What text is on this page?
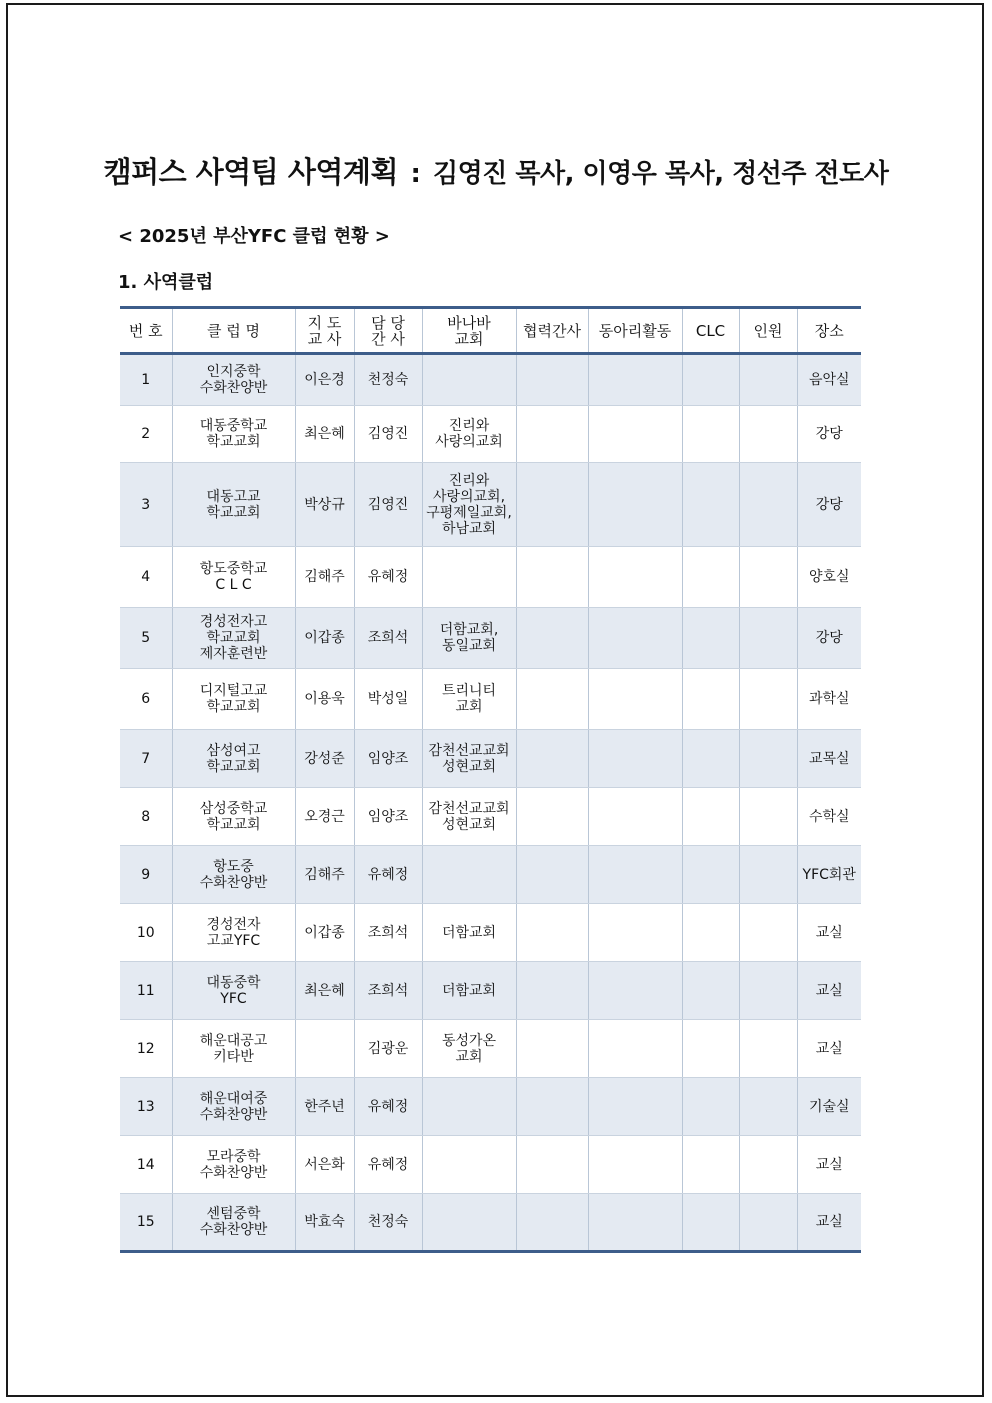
캠퍼스 사역팀 사역계획 : 김영진 목사, 이영우 목사, 정선주 전도사
< 2025년 부산YFC 클럽 현황 >
1. 사역클럽
번 호	클 럽 명	지 도
교 사	담 당
간 사	바나바
교회	협력간사	동아리활동	CLC	인원	장소
1	인지중학
수화찬양반	이은경	천정숙						음악실
2	대동중학교
학교교회	최은혜	김영진	진리와
사랑의교회					강당
3	대동고교
학교교회	박상규	김영진	진리와
사랑의교회,
구평제일교회,
하남교회					강당
4	항도중학교
C L C	김해주	유혜정						양호실
5	경성전자고
학교교회
제자훈련반	이갑종	조희석	더함교회,
동일교회					강당
6	디지털고교
학교교회	이용욱	박성일	트리니티
교회					과학실
7	삼성여고
학교교회	강성준	임양조	감천선교교회
성현교회					교목실
8	삼성중학교
학교교회	오경근	임양조	감천선교교회
성현교회					수학실
9	항도중
수화찬양반	김해주	유혜정						YFC회관
10	경성전자
고교YFC	이갑종	조희석	더함교회					교실
11	대동중학
YFC	최은혜	조희석	더함교회					교실
12	해운대공고
키타반		김광운	동성가온
교회					교실
13	해운대여중
수화찬양반	한주년	유혜정						기술실
14	모라중학
수화찬양반	서은화	유혜정						교실
15	센텀중학
수화찬양반	박효숙	천정숙						교실
